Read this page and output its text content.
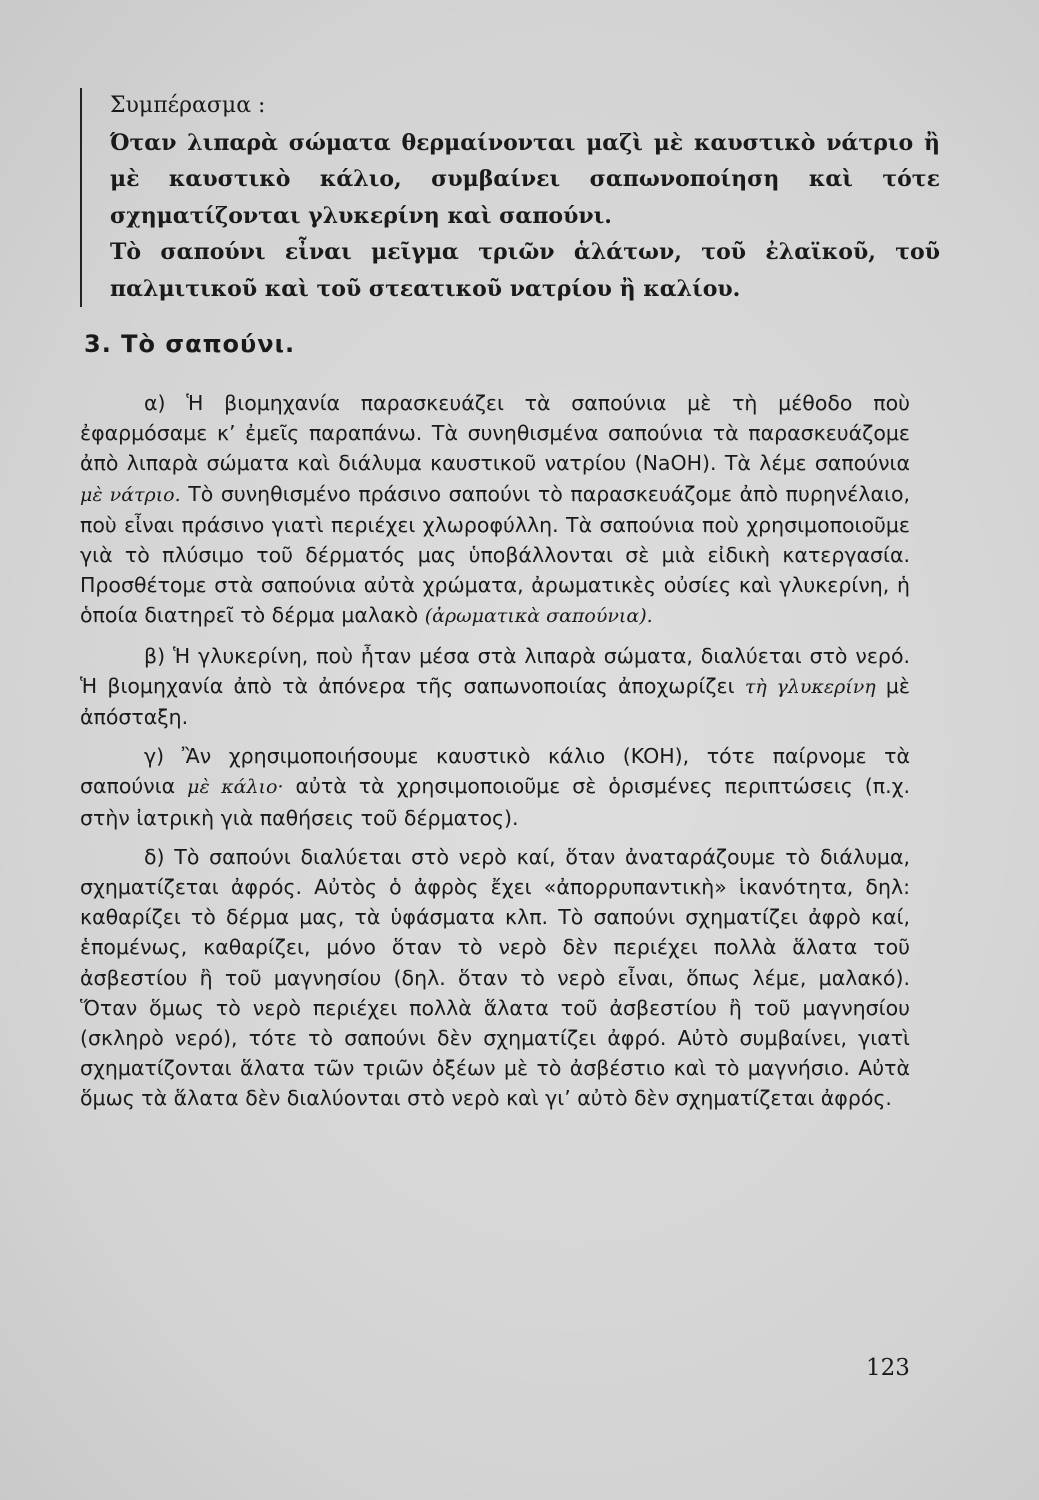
Συμπέρασμα :

Όταν λιπαρὰ σώματα θερμαίνονται μαζὶ μὲ καυστικὸ νάτριο ἢ μὲ καυστικὸ κάλιο, συμβαίνει σαπωνοποίηση καὶ τότε σχηματίζονται γλυκερίνη καὶ σαπούνι.

Τὸ σαπούνι εἶναι μεῖγμα τριῶν ἁλάτων, τοῦ ἐλαϊκοῦ, τοῦ παλμιτικοῦ καὶ τοῦ στεατικοῦ νατρίου ἢ καλίου.

3. Τὸ σαπούνι.

α) Ἡ βιομηχανία παρασκευάζει τὰ σαπούνια μὲ τὴ μέθοδο ποὺ ἐφαρμόσαμε κ’ ἐμεῖς παραπάνω. Τὰ συνηθισμένα σαπούνια τὰ παρασκευάζομε ἀπὸ λιπαρὰ σώματα καὶ διάλυμα καυστικοῦ νατρίου (NaOH). Τὰ λέμε σαπούνια μὲ νάτριο. Τὸ συνηθισμένο πράσινο σαπούνι τὸ παρασκευάζομε ἀπὸ πυρηνέλαιο, ποὺ εἶναι πράσινο γιατὶ περιέχει χλωροφύλλη. Τὰ σαπούνια ποὺ χρησιμοποιοῦμε γιὰ τὸ πλύσιμο τοῦ δέρματός μας ὑποβάλλονται σὲ μιὰ εἰδικὴ κατεργασία. Προσθέτομε στὰ σαπούνια αὐτὰ χρώματα, ἀρωματικὲς οὐσίες καὶ γλυκερίνη, ἡ ὁποία διατηρεῖ τὸ δέρμα μαλακὸ (ἀρωματικὰ σαπούνια).

β) Ἡ γλυκερίνη, ποὺ ἦταν μέσα στὰ λιπαρὰ σώματα, διαλύεται στὸ νερό. Ἡ βιομηχανία ἀπὸ τὰ ἀπόνερα τῆς σαπωνοποιίας ἀποχωρίζει τὴ γλυκερίνη μὲ ἀπόσταξη.

γ) Ἂν χρησιμοποιήσουμε καυστικὸ κάλιο (KOH), τότε παίρνομε τὰ σαπούνια μὲ κάλιο· αὐτὰ τὰ χρησιμοποιοῦμε σὲ ὁρισμένες περιπτώσεις (π.χ. στὴν ἰατρικὴ γιὰ παθήσεις τοῦ δέρματος).

δ) Τὸ σαπούνι διαλύεται στὸ νερὸ καί, ὅταν ἀναταράζουμε τὸ διάλυμα, σχηματίζεται ἀφρός. Αὐτὸς ὁ ἀφρὸς ἔχει «ἀπορρυπαντικὴ» ἱκανότητα, δηλ: καθαρίζει τὸ δέρμα μας, τὰ ὑφάσματα κλπ. Τὸ σαπούνι σχηματίζει ἀφρὸ καί, ἑπομένως, καθαρίζει, μόνο ὅταν τὸ νερὸ δὲν περιέχει πολλὰ ἅλατα τοῦ ἀσβεστίου ἢ τοῦ μαγνησίου (δηλ. ὅταν τὸ νερὸ εἶναι, ὅπως λέμε, μαλακό). Ὅταν ὅμως τὸ νερὸ περιέχει πολλὰ ἅλατα τοῦ ἀσβεστίου ἢ τοῦ μαγνησίου (σκληρὸ νερό), τότε τὸ σαπούνι δὲν σχηματίζει ἀφρό. Αὐτὸ συμβαίνει, γιατὶ σχηματίζονται ἅλατα τῶν τριῶν ὀξέων μὲ τὸ ἀσβέστιο καὶ τὸ μαγνήσιο. Αὐτὰ ὅμως τὰ ἅλατα δὲν διαλύονται στὸ νερὸ καὶ γι’ αὐτὸ δὲν σχηματίζεται ἀφρός.

123
